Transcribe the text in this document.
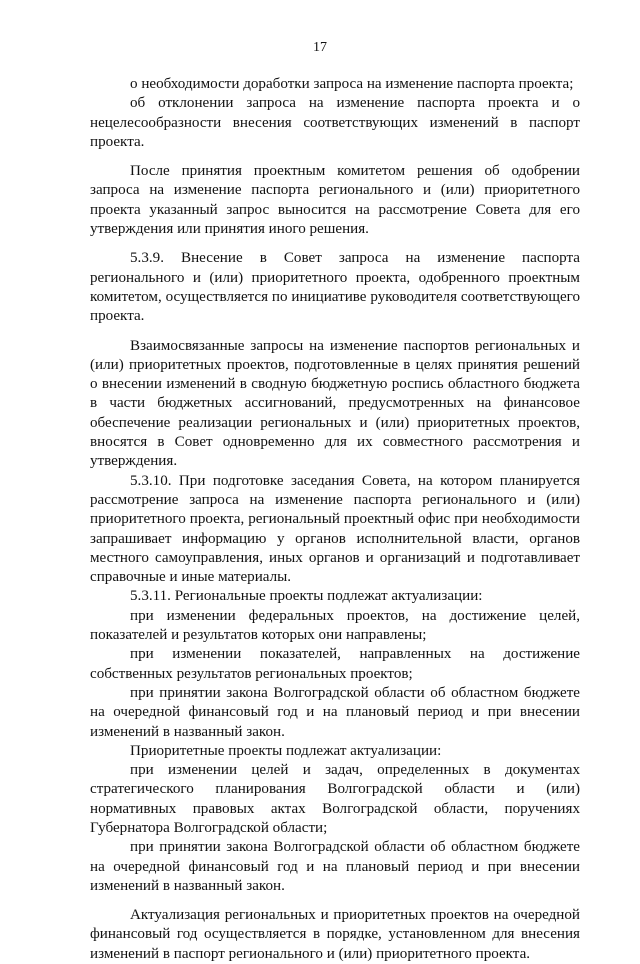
17

о необходимости доработки запроса на изменение паспорта проекта;

об отклонении запроса на изменение паспорта проекта и о нецелесообразности внесения соответствующих изменений в паспорт проекта.

После принятия проектным комитетом решения об одобрении запроса на изменение паспорта регионального и (или) приоритетного проекта указанный запрос выносится на рассмотрение Совета для его утверждения или принятия иного решения.

5.3.9. Внесение в Совет запроса на изменение паспорта регионального и (или) приоритетного проекта, одобренного проектным комитетом, осуществляется по инициативе руководителя соответствующего проекта.

Взаимосвязанные запросы на изменение паспортов региональных и (или) приоритетных проектов, подготовленные в целях принятия решений о внесении изменений в сводную бюджетную роспись областного бюджета в части бюджетных ассигнований, предусмотренных на финансовое обеспечение реализации региональных и (или) приоритетных проектов, вносятся в Совет одновременно для их совместного рассмотрения и утверждения.

5.3.10. При подготовке заседания Совета, на котором планируется рассмотрение запроса на изменение паспорта регионального и (или) приоритетного проекта, региональный проектный офис при необходимости запрашивает информацию у органов исполнительной власти, органов местного самоуправления, иных органов и организаций и подготавливает справочные и иные материалы.

5.3.11. Региональные проекты подлежат актуализации:

при изменении федеральных проектов, на достижение целей, показателей и результатов которых они направлены;

при изменении показателей, направленных на достижение собственных результатов региональных проектов;

при принятии закона Волгоградской области об областном бюджете на очередной финансовый год и на плановый период и при внесении изменений в названный закон.

Приоритетные проекты подлежат актуализации:

при изменении целей и задач, определенных в документах стратегического планирования Волгоградской области и (или) нормативных правовых актах Волгоградской области, поручениях Губернатора Волгоградской области;

при принятии закона Волгоградской области об областном бюджете на очередной финансовый год и на плановый период и при внесении изменений в названный закон.

Актуализация региональных и приоритетных проектов на очередной финансовый год осуществляется в порядке, установленном для внесения изменений в паспорт регионального и (или) приоритетного проекта.
